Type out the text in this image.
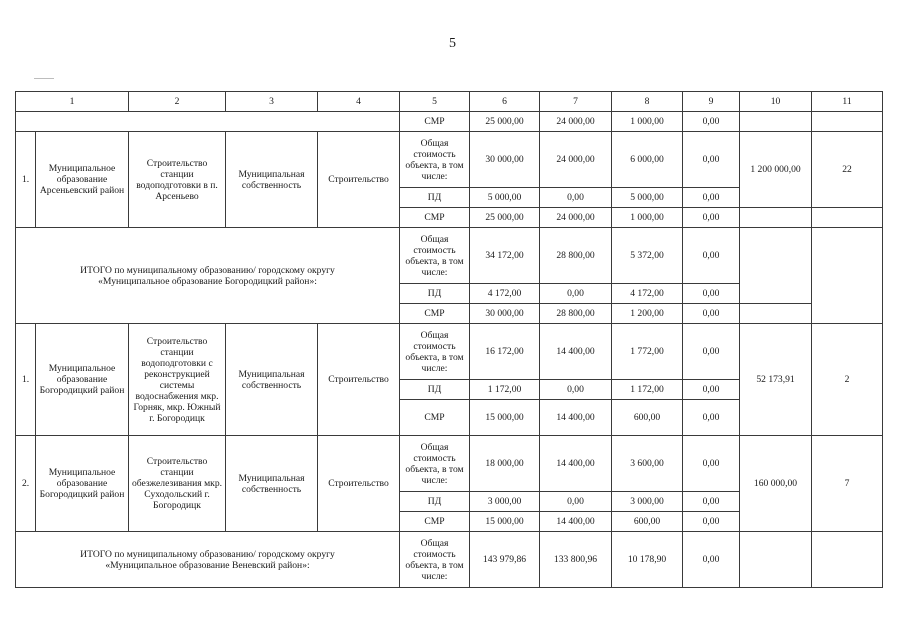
5
1		2	3	4	5	6	7	8	9	10	11
					СМР	25 000,00	24 000,00	1 000,00	0,00		
1.	Муниципальное образование Арсеньевский район	Строительство станции водоподготовки в п. Арсеньево	Муниципальная собственность	Строительство	Общая стоимость объекта, в том числе:	30 000,00	24 000,00	6 000,00	0,00	1 200 000,00	22
					ПД	5 000,00	0,00	5 000,00	0,00		
					СМР	25 000,00	24 000,00	1 000,00	0,00		

ИТОГО по муниципальному образованию/ городскому округу
«Муниципальное образование Богородицкий район»:					Общая стоимость объекта, в том числе:	34 172,00	28 800,00	5 372,00	0,00		
					ПД	4 172,00	0,00	4 172,00	0,00		
					СМР	30 000,00	28 800,00	1 200,00	0,00		
1.	Муниципальное образование Богородицкий район	Строительство станции водоподготовки с реконструкцией системы водоснабжения мкр. Горняк, мкр. Южный г. Богородицк	Муниципальная собственность	Строительство	Общая стоимость объекта, в том числе:	16 172,00	14 400,00	1 772,00	0,00	52 173,91	2
					ПД	1 172,00	0,00	1 172,00	0,00		
					СМР	15 000,00	14 400,00	600,00	0,00		
2.	Муниципальное образование Богородицкий район	Строительство станции обезжелезивания мкр. Суходольский г. Богородицк	Муниципальная собственность	Строительство	Общая стоимость объекта, в том числе:	18 000,00	14 400,00	3 600,00	0,00	160 000,00	7
					ПД	3 000,00	0,00	3 000,00	0,00		
					СМР	15 000,00	14 400,00	600,00	0,00		

ИТОГО по муниципальному образованию/ городскому округу
«Муниципальное образование Веневский район»:					Общая стоимость объекта, в том числе:	143 979,86	133 800,96	10 178,90	0,00		
